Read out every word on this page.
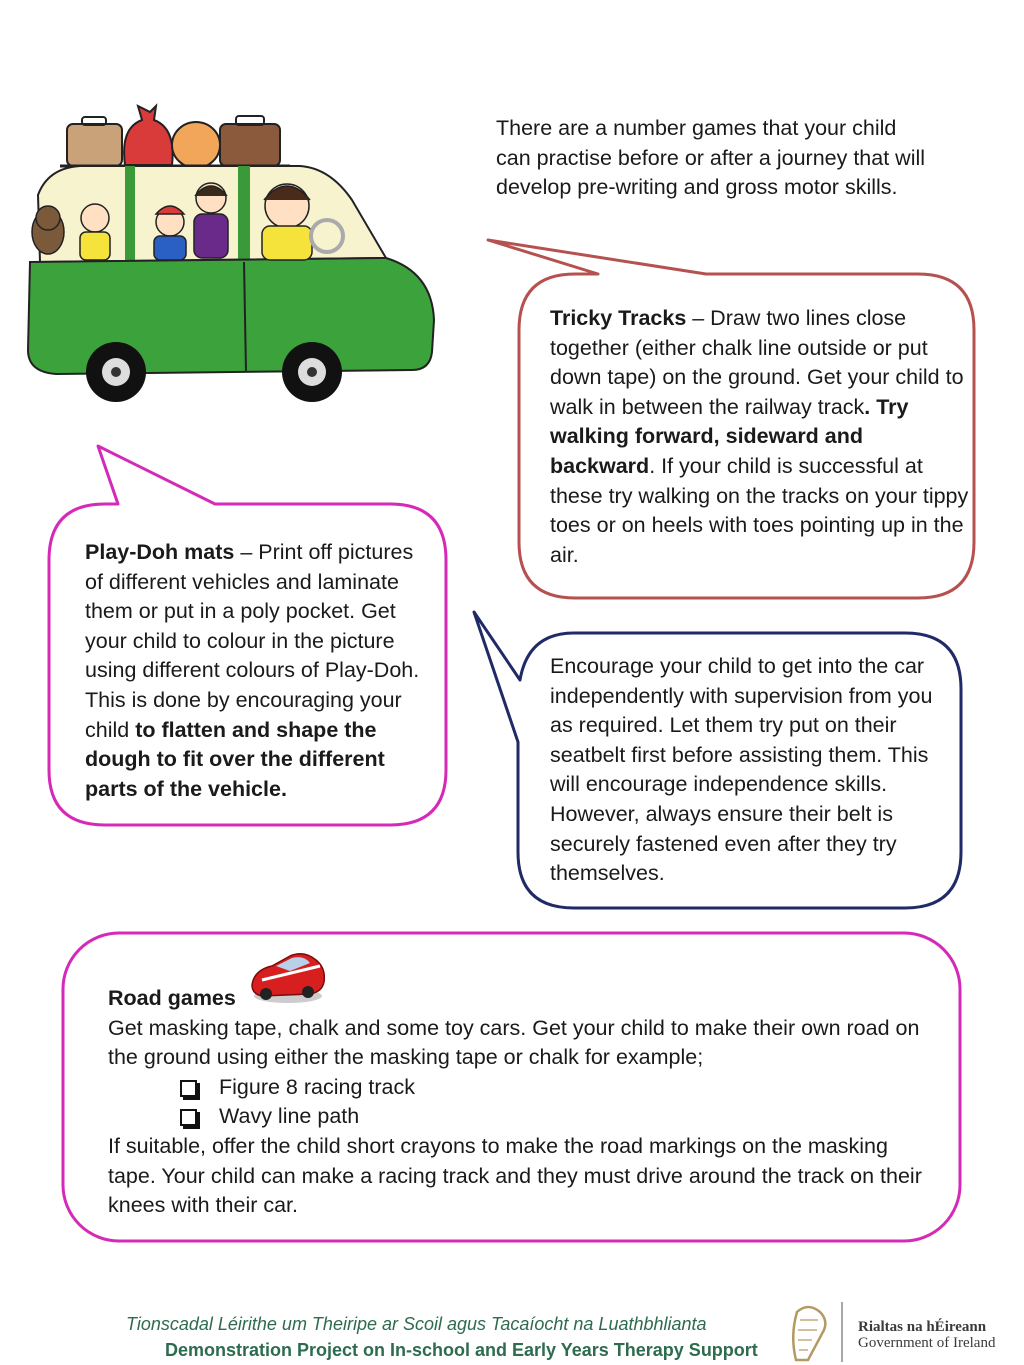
There are a number games that your child can practise before or after a journey that will develop pre-writing and gross motor skills.
Tricky Tracks – Draw two lines close together (either chalk line outside or put down tape) on the ground. Get your child to walk in between the railway track. Try walking forward, sideward and backward. If your child is successful at these try walking on the tracks on your tippy toes or on heels with toes pointing up in the air.
Play-Doh mats – Print off pictures of different vehicles and laminate them or put in a poly pocket. Get your child to colour in the picture using different colours of Play-Doh. This is done by encouraging your child to flatten and shape the dough to fit over the different parts of the vehicle.
Encourage your child to get into the car independently with supervision from you as required. Let them try put on their seatbelt first before assisting them. This will encourage independence skills. However, always ensure their belt is securely fastened even after they try themselves.
Road games
Get masking tape, chalk and some toy cars. Get your child to make their own road on the ground using either the masking tape or chalk for example;
Figure 8 racing track
Wavy line path
If suitable, offer the child short crayons to make the road markings on the masking tape. Your child can make a racing track and they must drive around the track on their knees with their car.
Tionscadal Léirithe um Theiripe ar Scoil agus Tacaíocht na Luathbhlianta
Demonstration Project on In-school and Early Years Therapy Support
Rialtas na hÉireann
Government of Ireland
